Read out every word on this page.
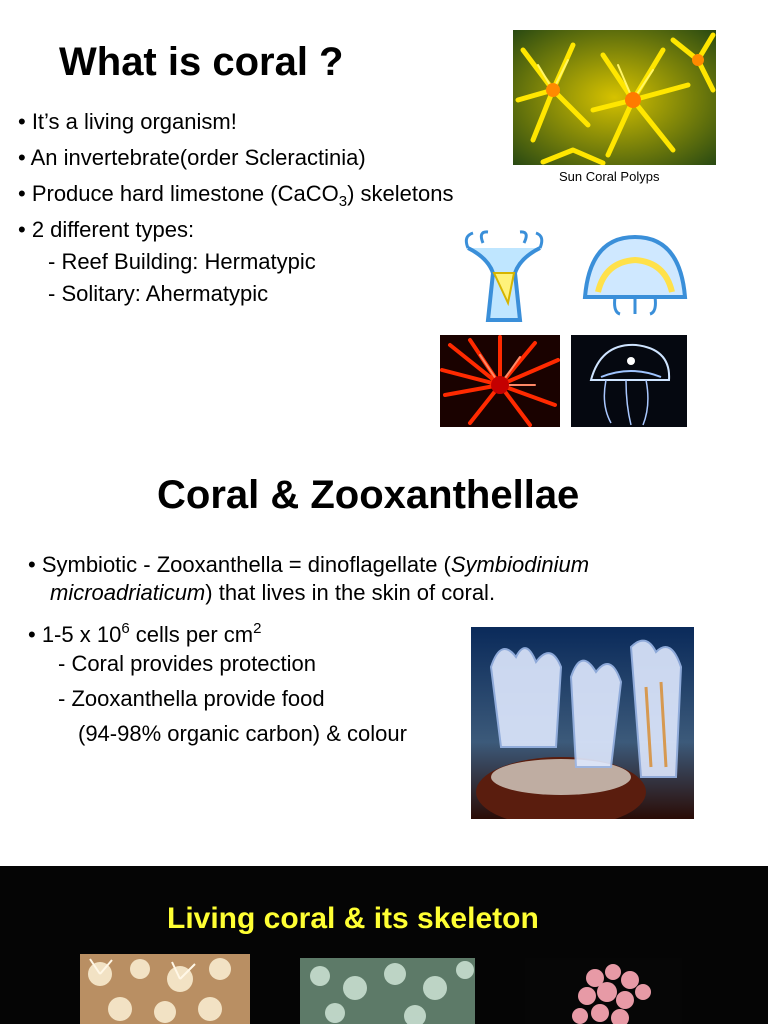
What is coral ?
• It’s a living organism!
• An invertebrate(order Scleractinia)
• Produce hard limestone (CaCO$_3$) skeletons
• 2 different types:
- Reef Building: Hermatypic
- Solitary: Ahermatypic
Sun Coral Polyps
Coral & Zooxanthellae
• Symbiotic - Zooxanthella = dinoflagellate (Symbiodinium
microadriaticum) that lives in the skin of coral.
• 1-5 x $10^6$ cells per $cm^2$
- Coral provides protection
- Zooxanthella provide food
(94-98% organic carbon) & colour
Living coral & its skeleton
